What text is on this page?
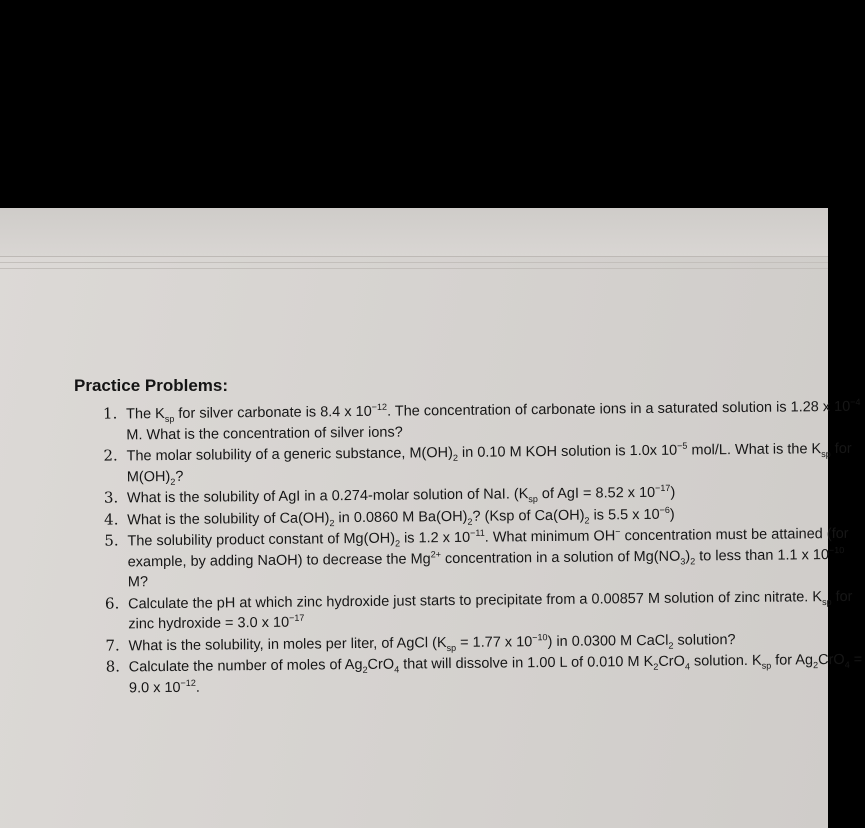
Practice Problems:
1. The $K_{sp}$ for silver carbonate is 8.4 x $10^{-12}$. The concentration of carbonate ions in a saturated solution is 1.28 x $10^{-4}$ M. What is the concentration of silver ions?
2. The molar solubility of a generic substance, $M(OH)_2$ in 0.10 M KOH solution is 1.0x $10^{-5}$ mol/L. What is the $K_{sp}$ for $M(OH)_2$?
3. What is the solubility of AgI in a 0.274-molar solution of NaI. ($K_{sp}$ of AgI = 8.52 x $10^{-17}$)
4. What is the solubility of $Ca(OH)_2$ in 0.0860 M $Ba(OH)_2$? (Ksp of $Ca(OH)_2$ is 5.5 x $10^{-6}$)
5. The solubility product constant of $Mg(OH)_2$ is 1.2 x $10^{-11}$. What minimum OH− concentration must be attained (for example, by adding NaOH) to decrease the $Mg^{2+}$ concentration in a solution of $Mg(NO_3)_2$ to less than 1.1 x $10^{-10}$ M?
6. Calculate the pH at which zinc hydroxide just starts to precipitate from a 0.00857 M solution of zinc nitrate. $K_{sp}$ for zinc hydroxide = 3.0 x $10^{-17}$
7. What is the solubility, in moles per liter, of AgCl ($K_{sp} = 1.77$ x $10^{-10}$) in 0.0300 M CaCl$_2$ solution?
8. Calculate the number of moles of $Ag_2CrO_4$ that will dissolve in 1.00 L of 0.010 M $K_2CrO_4$ solution. $K_{sp}$ for $Ag_2CrO_4 = 9.0$ x $10^{-12}$.
